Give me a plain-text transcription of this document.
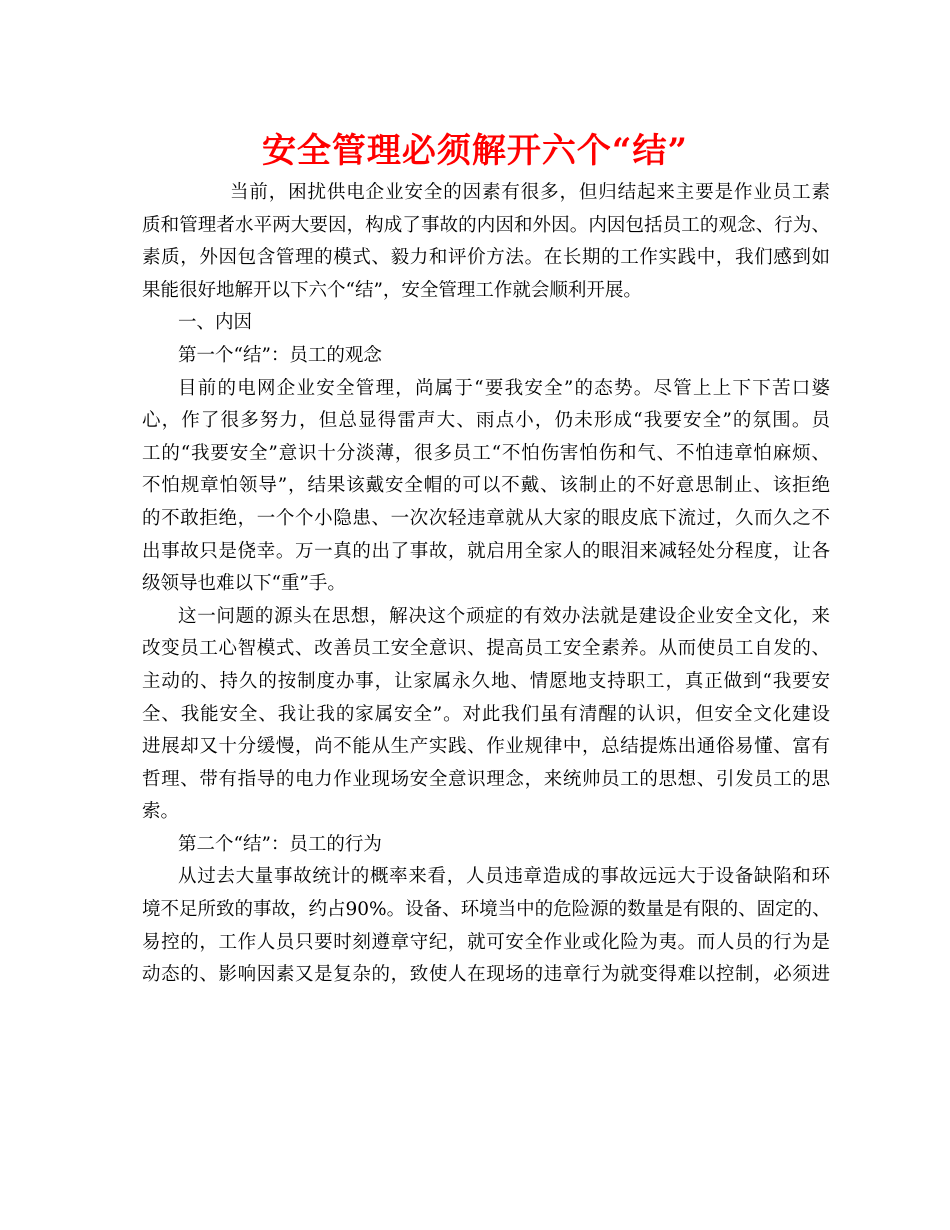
安全管理必须解开六个“结”
当前，困扰供电企业安全的因素有很多，但归结起来主要是作业员工素
质和管理者水平两大要因，构成了事故的内因和外因。内因包括员工的观念、行为、
素质，外因包含管理的模式、毅力和评价方法。在长期的工作实践中，我们感到如
果能很好地解开以下六个“结”，安全管理工作就会顺利开展。
一、内因
第一个“结”：员工的观念
目前的电网企业安全管理，尚属于“要我安全”的态势。尽管上上下下苦口婆
心，作了很多努力，但总显得雷声大、雨点小，仍未形成“我要安全”的氛围。员
工的“我要安全”意识十分淡薄，很多员工“不怕伤害怕伤和气、不怕违章怕麻烦、
不怕规章怕领导”，结果该戴安全帽的可以不戴、该制止的不好意思制止、该拒绝
的不敢拒绝，一个个小隐患、一次次轻违章就从大家的眼皮底下流过，久而久之不
出事故只是侥幸。万一真的出了事故，就启用全家人的眼泪来减轻处分程度，让各
级领导也难以下“重”手。
这一问题的源头在思想，解决这个顽症的有效办法就是建设企业安全文化，来
改变员工心智模式、改善员工安全意识、提高员工安全素养。从而使员工自发的、
主动的、持久的按制度办事，让家属永久地、情愿地支持职工，真正做到“我要安
全、我能安全、我让我的家属安全”。对此我们虽有清醒的认识，但安全文化建设
进展却又十分缓慢，尚不能从生产实践、作业规律中，总结提炼出通俗易懂、富有
哲理、带有指导的电力作业现场安全意识理念，来统帅员工的思想、引发员工的思
索。
第二个“结”：员工的行为
从过去大量事故统计的概率来看，人员违章造成的事故远远大于设备缺陷和环
境不足所致的事故，约占90%。设备、环境当中的危险源的数量是有限的、固定的、
易控的，工作人员只要时刻遵章守纪，就可安全作业或化险为夷。而人员的行为是
动态的、影响因素又是复杂的，致使人在现场的违章行为就变得难以控制，必须进
